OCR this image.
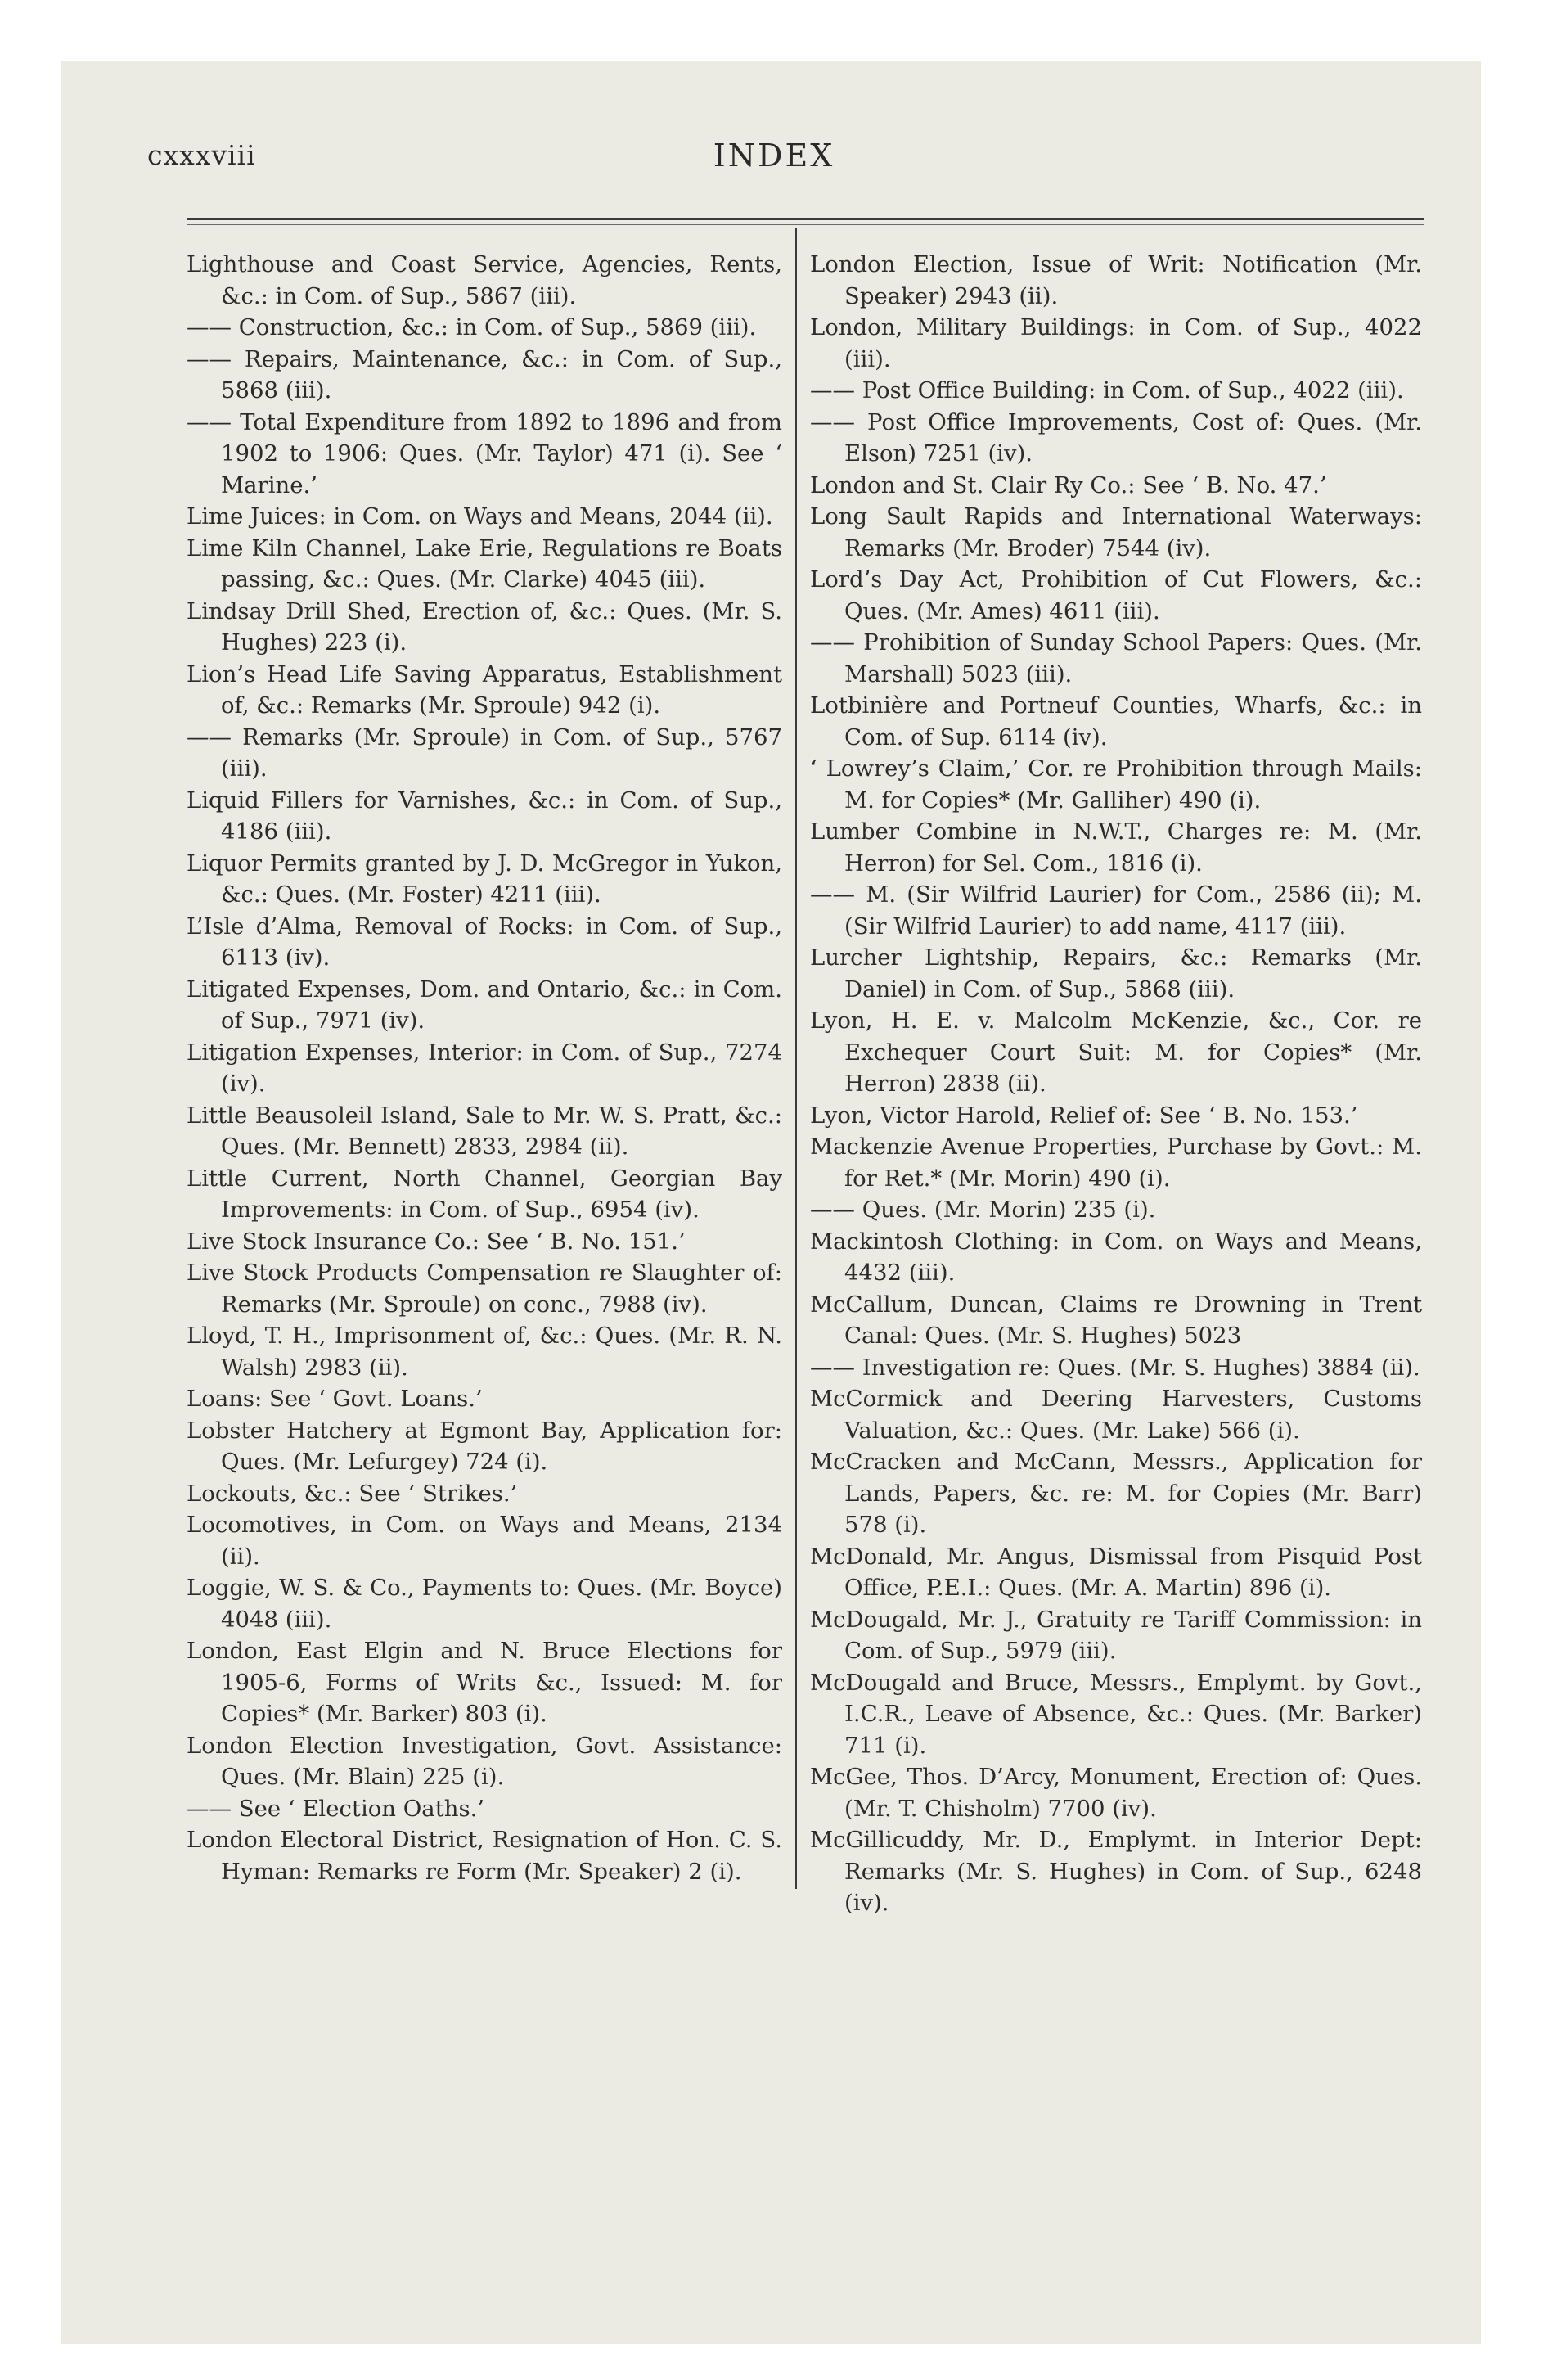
cxxxviii	INDEX

Lighthouse and Coast Service, Agencies, Rents, &c.: in Com. of Sup., 5867 (iii).

—— Construction, &c.: in Com. of Sup., 5869 (iii).

—— Repairs, Maintenance, &c.: in Com. of Sup., 5868 (iii).

—— Total Expenditure from 1892 to 1896 and from 1902 to 1906: Ques. (Mr. Taylor) 471 (i). See ‘ Marine.’

Lime Juices: in Com. on Ways and Means, 2044 (ii).

Lime Kiln Channel, Lake Erie, Regulations re Boats passing, &c.: Ques. (Mr. Clarke) 4045 (iii).

Lindsay Drill Shed, Erection of, &c.: Ques. (Mr. S. Hughes) 223 (i).

Lion’s Head Life Saving Apparatus, Establishment of, &c.: Remarks (Mr. Sproule) 942 (i).

—— Remarks (Mr. Sproule) in Com. of Sup., 5767 (iii).

Liquid Fillers for Varnishes, &c.: in Com. of Sup., 4186 (iii).

Liquor Permits granted by J. D. McGregor in Yukon, &c.: Ques. (Mr. Foster) 4211 (iii).

L’Isle d’Alma, Removal of Rocks: in Com. of Sup., 6113 (iv).

Litigated Expenses, Dom. and Ontario, &c.: in Com. of Sup., 7971 (iv).

Litigation Expenses, Interior: in Com. of Sup., 7274 (iv).

Little Beausoleil Island, Sale to Mr. W. S. Pratt, &c.: Ques. (Mr. Bennett) 2833, 2984 (ii).

Little Current, North Channel, Georgian Bay Improvements: in Com. of Sup., 6954 (iv).

Live Stock Insurance Co.: See ‘ B. No. 151.’

Live Stock Products Compensation re Slaughter of: Remarks (Mr. Sproule) on conc., 7988 (iv).

Lloyd, T. H., Imprisonment of, &c.: Ques. (Mr. R. N. Walsh) 2983 (ii).

Loans: See ‘ Govt. Loans.’

Lobster Hatchery at Egmont Bay, Application for: Ques. (Mr. Lefurgey) 724 (i).

Lockouts, &c.: See ‘ Strikes.’

Locomotives, in Com. on Ways and Means, 2134 (ii).

Loggie, W. S. & Co., Payments to: Ques. (Mr. Boyce) 4048 (iii).

London, East Elgin and N. Bruce Elections for 1905-6, Forms of Writs &c., Issued: M. for Copies* (Mr. Barker) 803 (i).

London Election Investigation, Govt. Assistance: Ques. (Mr. Blain) 225 (i).

—— See ‘ Election Oaths.’

London Electoral District, Resignation of Hon. C. S. Hyman: Remarks re Form (Mr. Speaker) 2 (i).

London Election, Issue of Writ: Notification (Mr. Speaker) 2943 (ii).

London, Military Buildings: in Com. of Sup., 4022 (iii).

—— Post Office Building: in Com. of Sup., 4022 (iii).

—— Post Office Improvements, Cost of: Ques. (Mr. Elson) 7251 (iv).

London and St. Clair Ry Co.: See ‘ B. No. 47.’

Long Sault Rapids and International Waterways: Remarks (Mr. Broder) 7544 (iv).

Lord’s Day Act, Prohibition of Cut Flowers, &c.: Ques. (Mr. Ames) 4611 (iii).

—— Prohibition of Sunday School Papers: Ques. (Mr. Marshall) 5023 (iii).

Lotbinière and Portneuf Counties, Wharfs, &c.: in Com. of Sup. 6114 (iv).

‘ Lowrey’s Claim,’ Cor. re Prohibition through Mails: M. for Copies* (Mr. Galliher) 490 (i).

Lumber Combine in N.W.T., Charges re: M. (Mr. Herron) for Sel. Com., 1816 (i).

—— M. (Sir Wilfrid Laurier) for Com., 2586 (ii); M. (Sir Wilfrid Laurier) to add name, 4117 (iii).

Lurcher Lightship, Repairs, &c.: Remarks (Mr. Daniel) in Com. of Sup., 5868 (iii).

Lyon, H. E. v. Malcolm McKenzie, &c., Cor. re Exchequer Court Suit: M. for Copies* (Mr. Herron) 2838 (ii).

Lyon, Victor Harold, Relief of: See ‘ B. No. 153.’

Mackenzie Avenue Properties, Purchase by Govt.: M. for Ret.* (Mr. Morin) 490 (i).

—— Ques. (Mr. Morin) 235 (i).

Mackintosh Clothing: in Com. on Ways and Means, 4432 (iii).

McCallum, Duncan, Claims re Drowning in Trent Canal: Ques. (Mr. S. Hughes) 5023

—— Investigation re: Ques. (Mr. S. Hughes) 3884 (ii).

McCormick and Deering Harvesters, Customs Valuation, &c.: Ques. (Mr. Lake) 566 (i).

McCracken and McCann, Messrs., Application for Lands, Papers, &c. re: M. for Copies (Mr. Barr) 578 (i).

McDonald, Mr. Angus, Dismissal from Pisquid Post Office, P.E.I.: Ques. (Mr. A. Martin) 896 (i).

McDougald, Mr. J., Gratuity re Tariff Commission: in Com. of Sup., 5979 (iii).

McDougald and Bruce, Messrs., Emplymt. by Govt., I.C.R., Leave of Absence, &c.: Ques. (Mr. Barker) 711 (i).

McGee, Thos. D’Arcy, Monument, Erection of: Ques. (Mr. T. Chisholm) 7700 (iv).

McGillicuddy, Mr. D., Emplymt. in Interior Dept: Remarks (Mr. S. Hughes) in Com. of Sup., 6248 (iv).
